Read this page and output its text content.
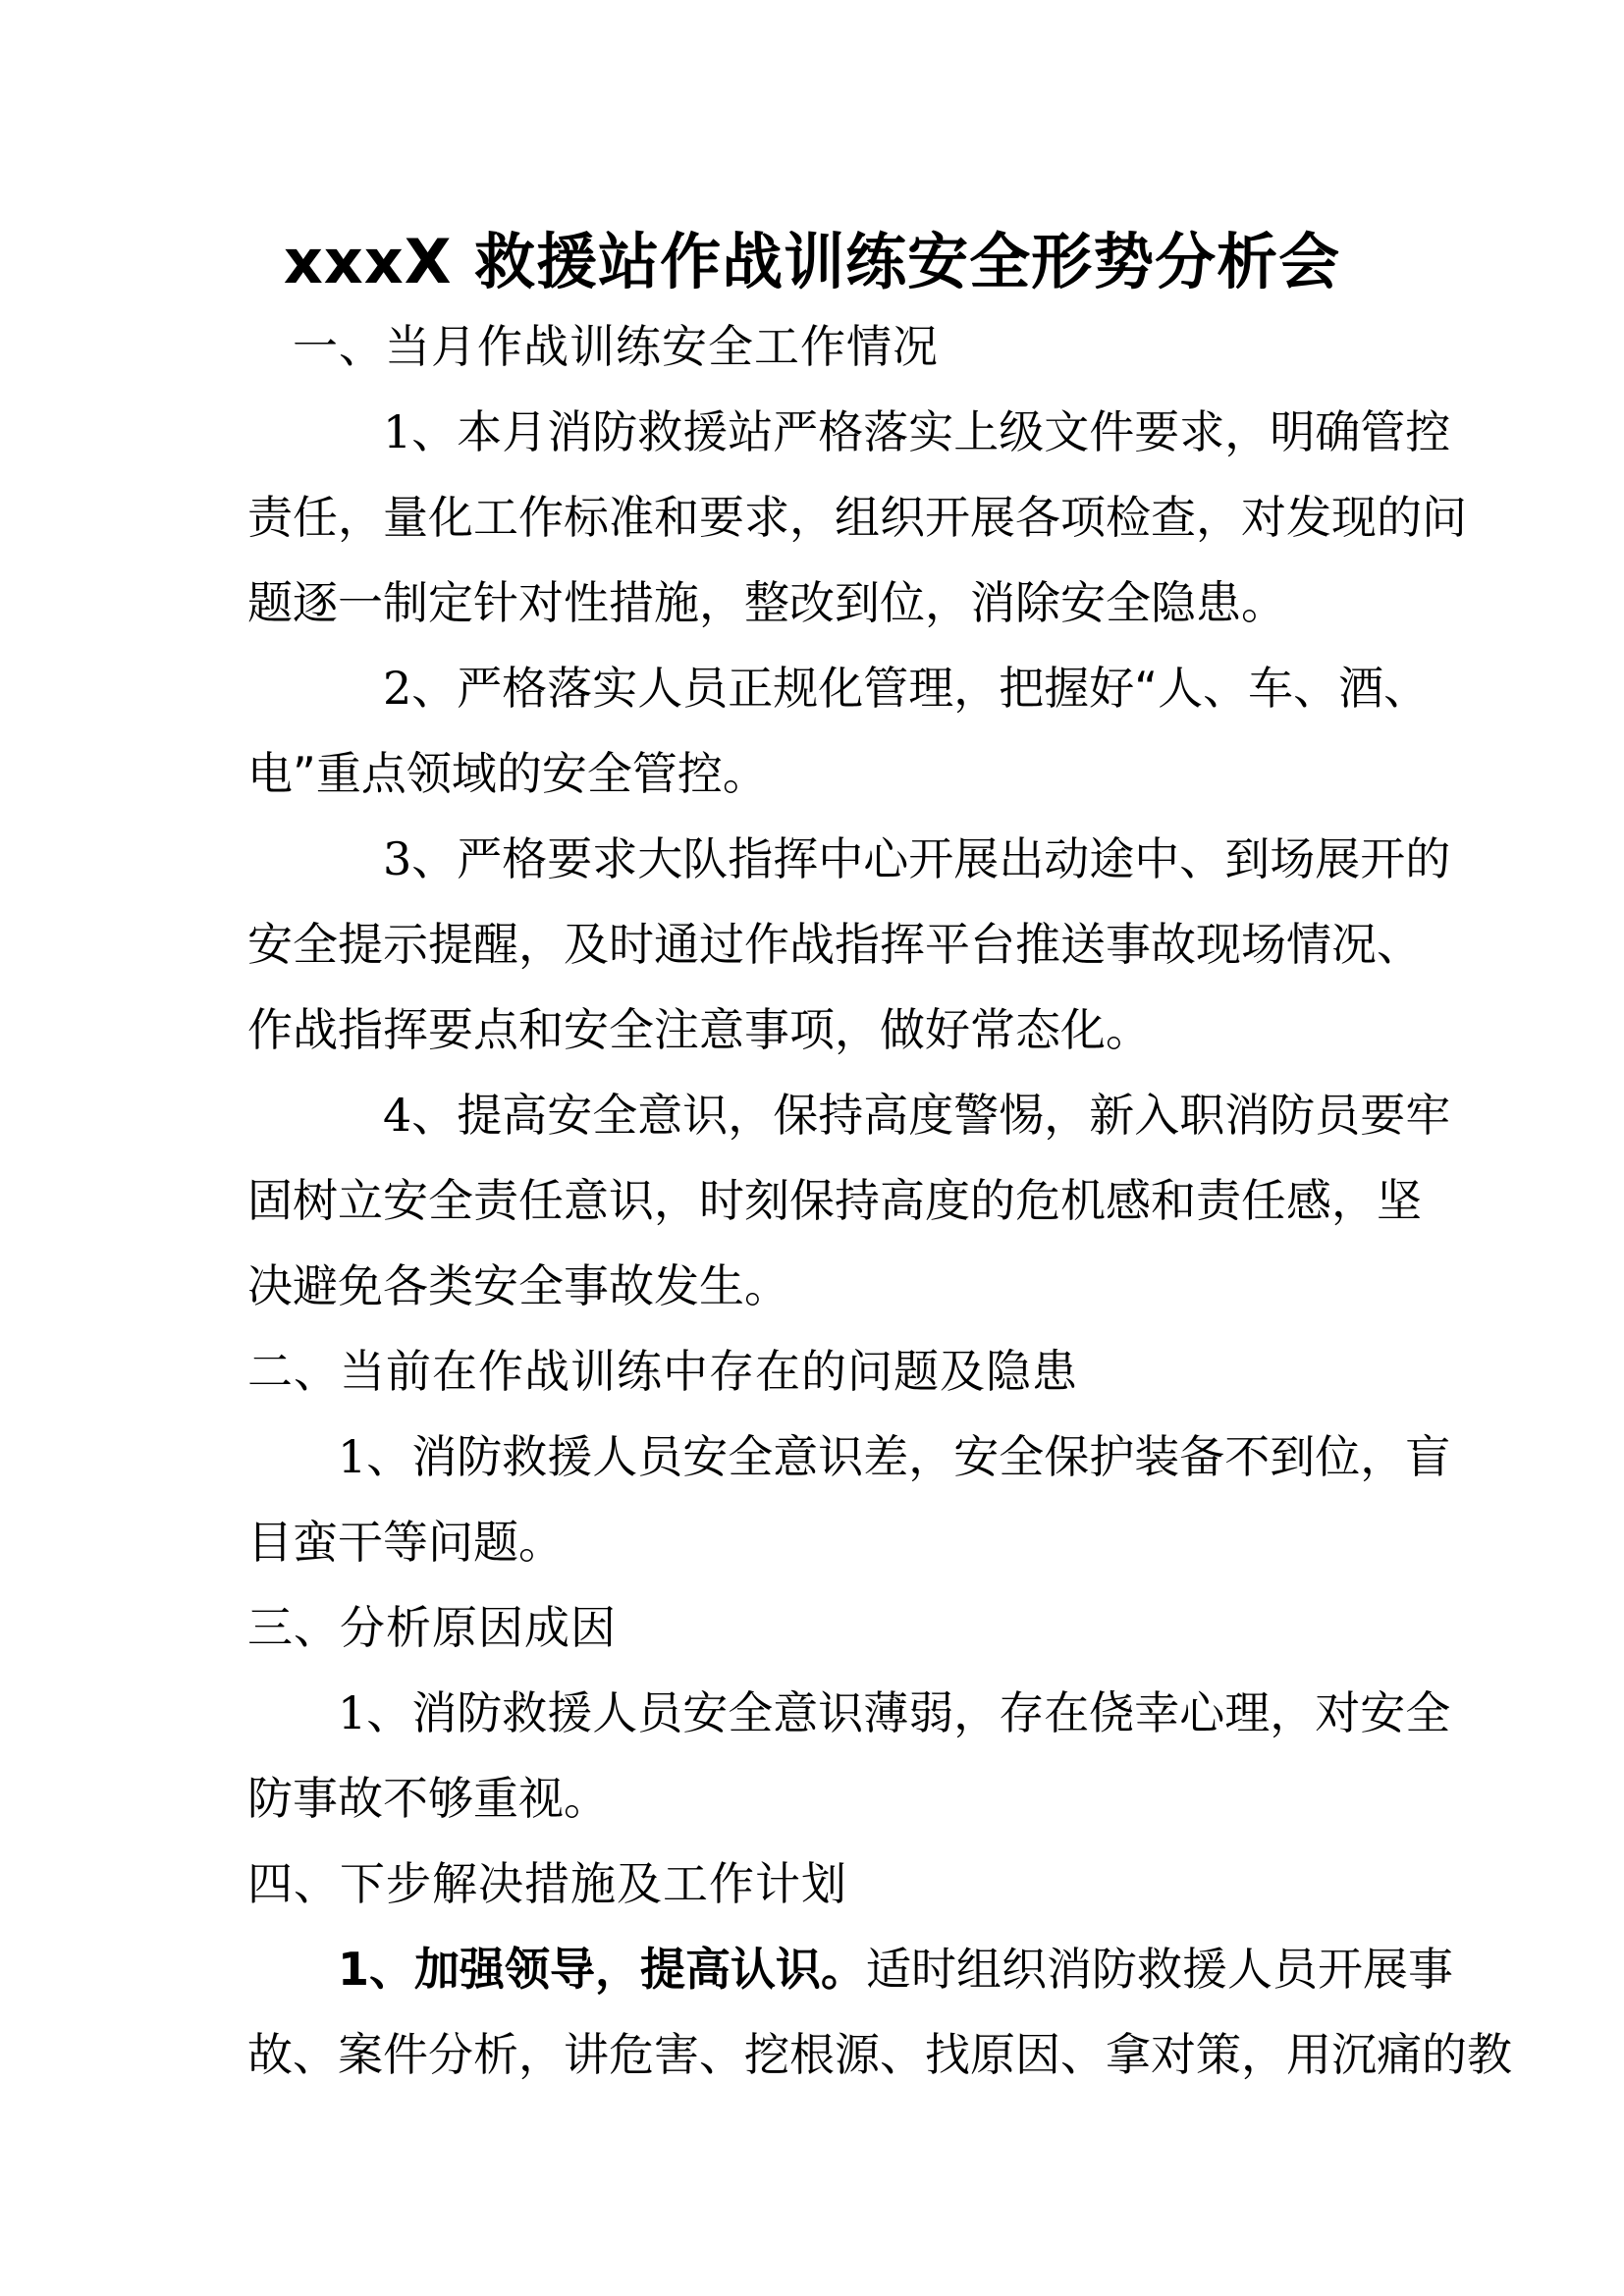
xxxX 救援站作战训练安全形势分析会
一、当月作战训练安全工作情况
1、本月消防救援站严格落实上级文件要求，明确管控
责任，量化工作标准和要求，组织开展各项检查，对发现的问
题逐一制定针对性措施，整改到位，消除安全隐患。
2、严格落实人员正规化管理，把握好“人、车、酒、
电”重点领域的安全管控。
3、严格要求大队指挥中心开展出动途中、到场展开的
安全提示提醒，及时通过作战指挥平台推送事故现场情况、
作战指挥要点和安全注意事项，做好常态化。
4、提高安全意识，保持高度警惕，新入职消防员要牢
固树立安全责任意识，时刻保持高度的危机感和责任感，坚
决避免各类安全事故发生。
二、当前在作战训练中存在的问题及隐患
1、消防救援人员安全意识差，安全保护装备不到位，盲
目蛮干等问题。
三、分析原因成因
1、消防救援人员安全意识薄弱，存在侥幸心理，对安全
防事故不够重视。
四、下步解决措施及工作计划
1、加强领导，提高认识。适时组织消防救援人员开展事
故、案件分析，讲危害、挖根源、找原因、拿对策，用沉痛的教
